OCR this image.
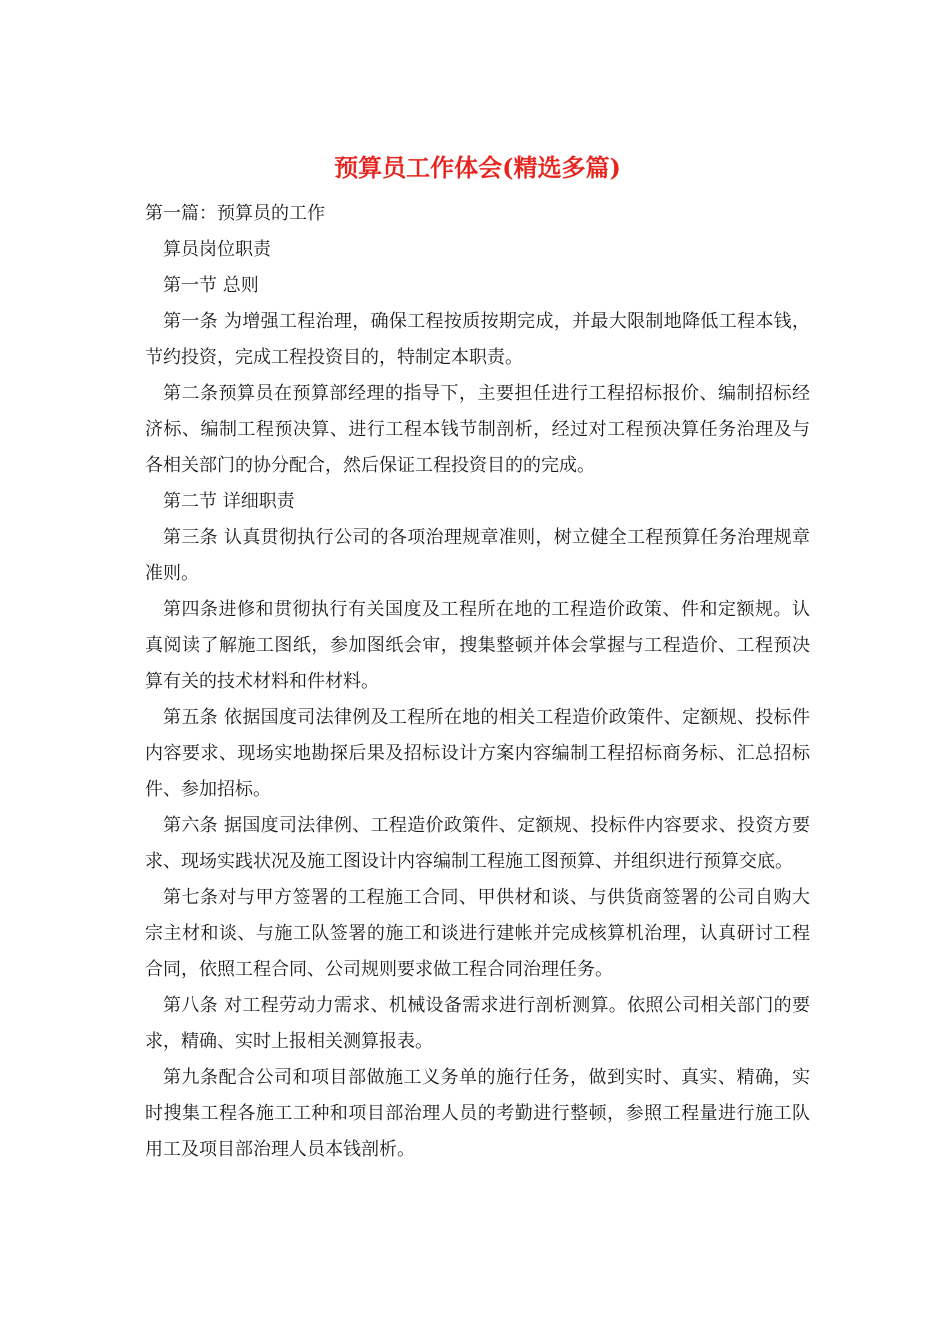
预算员工作体会(精选多篇)

第一篇：预算员的工作

算员岗位职责

第一节 总则

第一条 为增强工程治理，确保工程按质按期完成，并最大限制地降低工程本钱，节约投资，完成工程投资目的，特制定本职责。

第二条预算员在预算部经理的指导下，主要担任进行工程招标报价、编制招标经济标、编制工程预决算、进行工程本钱节制剖析，经过对工程预决算任务治理及与各相关部门的协分配合，然后保证工程投资目的的完成。

第二节 详细职责

第三条 认真贯彻执行公司的各项治理规章准则，树立健全工程预算任务治理规章准则。

第四条进修和贯彻执行有关国度及工程所在地的工程造价政策、件和定额规。认真阅读了解施工图纸，参加图纸会审，搜集整顿并体会掌握与工程造价、工程预决算有关的技术材料和件材料。

第五条 依据国度司法律例及工程所在地的相关工程造价政策件、定额规、投标件内容要求、现场实地勘探后果及招标设计方案内容编制工程招标商务标、汇总招标件、参加招标。

第六条 据国度司法律例、工程造价政策件、定额规、投标件内容要求、投资方要求、现场实践状况及施工图设计内容编制工程施工图预算、并组织进行预算交底。

第七条对与甲方签署的工程施工合同、甲供材和谈、与供货商签署的公司自购大宗主材和谈、与施工队签署的施工和谈进行建帐并完成核算机治理，认真研讨工程合同，依照工程合同、公司规则要求做工程合同治理任务。

第八条 对工程劳动力需求、机械设备需求进行剖析测算。依照公司相关部门的要求，精确、实时上报相关测算报表。

第九条配合公司和项目部做施工义务单的施行任务，做到实时、真实、精确，实时搜集工程各施工工种和项目部治理人员的考勤进行整顿，参照工程量进行施工队用工及项目部治理人员本钱剖析。
